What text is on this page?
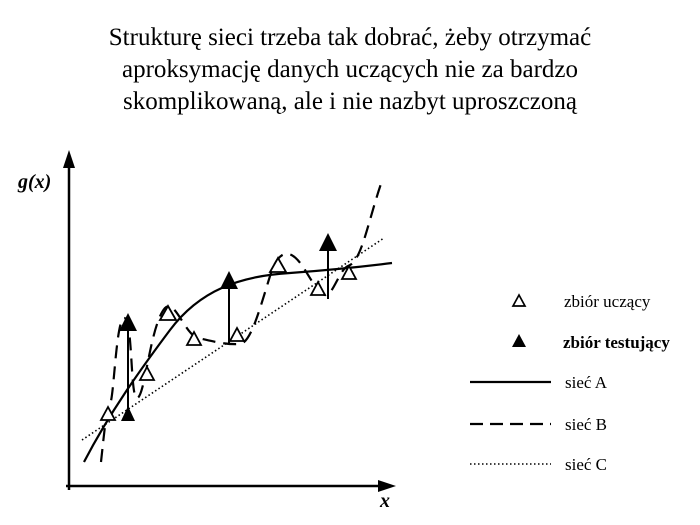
Strukturę sieci trzeba tak dobrać, żeby otrzymać
aproksymację danych uczących nie za bardzo
skomplikowaną, ale i nie nazbyt uproszczoną
g(x)
x
zbiór uczący
zbiór testujący
sieć A
sieć B
sieć C
